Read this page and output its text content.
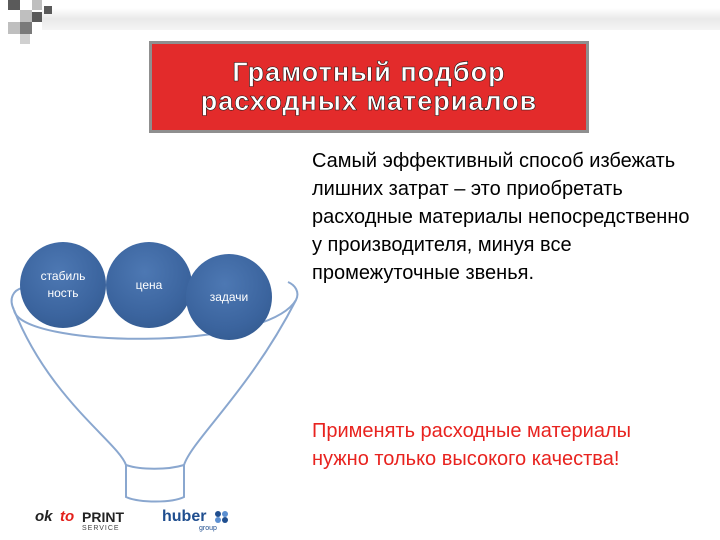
Грамотный подбор расходных материалов
Самый эффективный способ избежать лишних затрат – это приобретать расходные материалы непосредственно у производителя, минуя все промежуточные звенья.
Применять расходные материалы нужно только высокого качества!
стабиль
ность
цена
задачи
ok to PRINT
SERVICE
huber
group
